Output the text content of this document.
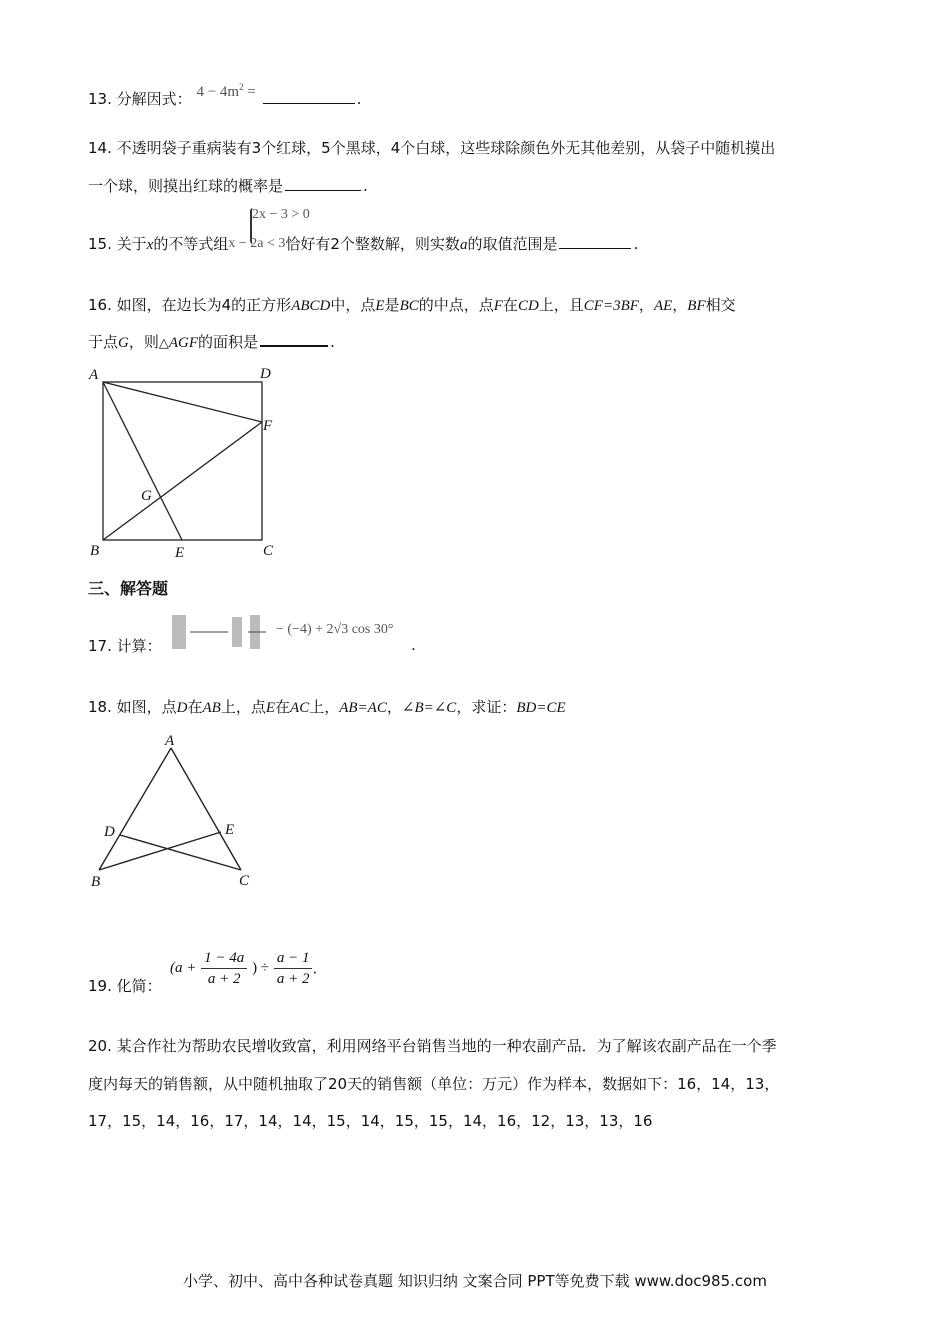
13. 分解因式： $4 - 4m^2$ =	.
14. 不透明袋子重病装有3个红球，5个黑球，4个白球，这些球除颜色外无其他差别，从袋子中随机摸出
一个球，则摸出红球的概率是	.
2x − 3 > 0
15. 关于x的不等式组x − 2a < 3恰好有2个整数解，则实数a的取值范围是	.
16. 如图，在边长为4的正方形ABCD中，点E是BC的中点，点F在CD上，且CF=3BF，AE，BF相交
于点G，则△AGF的面积是	.
A	D
F
G
B	E	C
三、解答题
17. 计算：
− (−4) + 2√3 cos 30°
.
18. 如图，点D在AB上，点E在AC上，AB=AC，∠B=∠C，求证：BD=CE
A
D	E
B	C
19. 化简：
($a + \frac{1 - 4a}{a + 2}$ ) ÷ $\frac{a - 1}{a + 2}$ .
20. 某合作社为帮助农民增收致富，利用网络平台销售当地的一种农副产品．为了解该农副产品在一个季
度内每天的销售额，从中随机抽取了20天的销售额（单位：万元）作为样本，数据如下：16，14，13，
17，15，14，16，17，14，14，15，14，15，15，14，16，12，13，13，16
小学、初中、高中各种试卷真题 知识归纳 文案合同 PPT等免费下载 www.doc985.com
